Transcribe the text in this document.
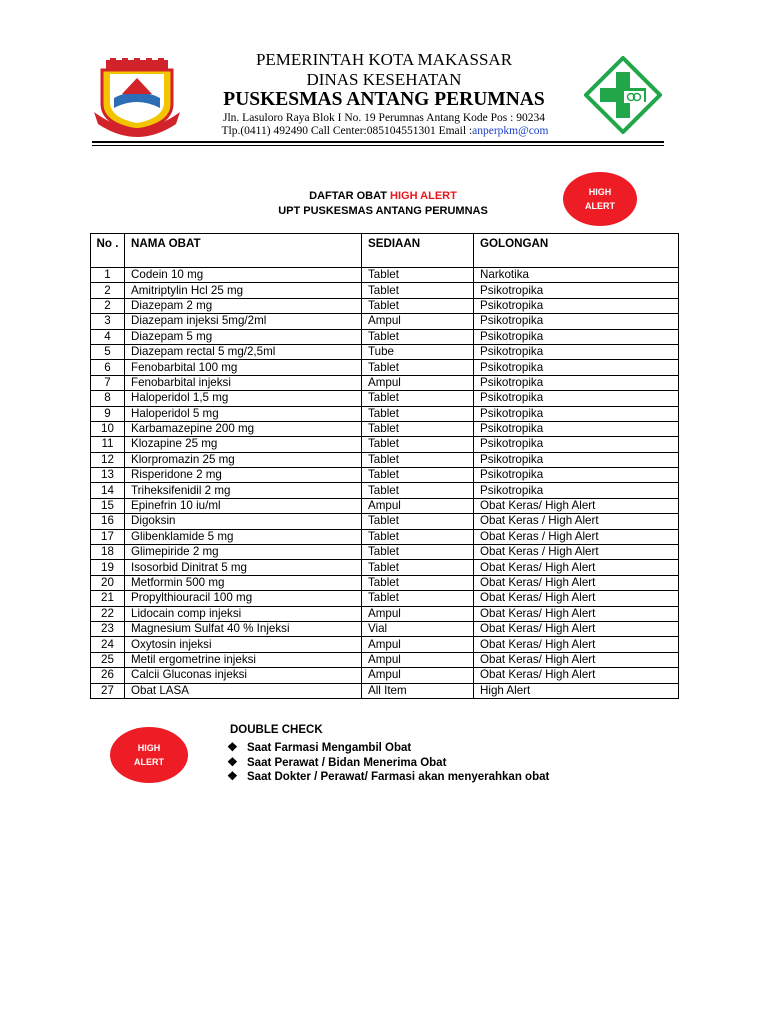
PEMERINTAH KOTA MAKASSAR
DINAS KESEHATAN
PUSKESMAS ANTANG PERUMNAS
Jln. Lasuloro Raya Blok I No. 19 Perumnas Antang Kode Pos : 90234
Tlp.(0411) 492490 Call Center:085104551301 Email :anperpkm@com
DAFTAR OBAT HIGH ALERT
UPT PUSKESMAS ANTANG PERUMNAS
HIGH
ALERT
No .	NAMA OBAT	SEDIAAN	GOLONGAN
1	Codein 10 mg	Tablet	Narkotika
2	Amitriptylin Hcl 25 mg	Tablet	Psikotropika
2	Diazepam 2 mg	Tablet	Psikotropika
3	Diazepam injeksi 5mg/2ml	Ampul	Psikotropika
4	Diazepam 5 mg	Tablet	Psikotropika
5	Diazepam rectal 5 mg/2,5ml	Tube	Psikotropika
6	Fenobarbital 100 mg	Tablet	Psikotropika
7	Fenobarbital injeksi	Ampul	Psikotropika
8	Haloperidol 1,5 mg	Tablet	Psikotropika
9	Haloperidol 5 mg	Tablet	Psikotropika
10	Karbamazepine 200 mg	Tablet	Psikotropika
11	Klozapine 25 mg	Tablet	Psikotropika
12	Klorpromazin 25 mg	Tablet	Psikotropika
13	Risperidone 2 mg	Tablet	Psikotropika
14	Triheksifenidil 2 mg	Tablet	Psikotropika
15	Epinefrin 10 iu/ml	Ampul	Obat Keras/ High Alert
16	Digoksin	Tablet	Obat Keras / High Alert
17	Glibenklamide 5 mg	Tablet	Obat Keras / High Alert
18	Glimepiride 2 mg	Tablet	Obat Keras / High Alert
19	Isosorbid Dinitrat 5 mg	Tablet	Obat Keras/ High Alert
20	Metformin 500 mg	Tablet	Obat Keras/ High Alert
21	Propylthiouracil 100 mg	Tablet	Obat Keras/ High Alert
22	Lidocain comp injeksi	Ampul	Obat Keras/ High Alert
23	Magnesium Sulfat 40 % Injeksi	Vial	Obat Keras/ High Alert
24	Oxytosin injeksi	Ampul	Obat Keras/ High Alert
25	Metil ergometrine injeksi	Ampul	Obat Keras/ High Alert
26	Calcii Gluconas injeksi	Ampul	Obat Keras/ High Alert
27	Obat LASA	All Item	High Alert
HIGH
ALERT
DOUBLE CHECK
❖ Saat Farmasi Mengambil Obat
❖ Saat Perawat / Bidan Menerima Obat
❖ Saat Dokter / Perawat/ Farmasi akan menyerahkan obat
